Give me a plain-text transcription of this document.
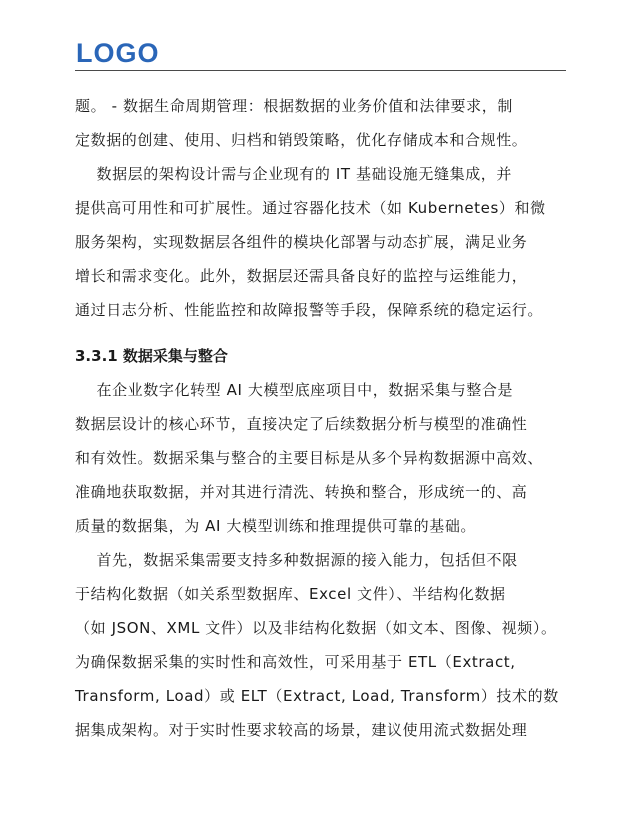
LOGO
题。 - 数据生命周期管理：根据数据的业务价值和法律要求，制
定数据的创建、使用、归档和销毁策略，优化存储成本和合规性。
数据层的架构设计需与企业现有的 IT 基础设施无缝集成，并
提供高可用性和可扩展性。通过容器化技术（如 Kubernetes）和微
服务架构，实现数据层各组件的模块化部署与动态扩展，满足业务
增长和需求变化。此外，数据层还需具备良好的监控与运维能力，
通过日志分析、性能监控和故障报警等手段，保障系统的稳定运行。
3.3.1 数据采集与整合
在企业数字化转型 AI 大模型底座项目中，数据采集与整合是
数据层设计的核心环节，直接决定了后续数据分析与模型的准确性
和有效性。数据采集与整合的主要目标是从多个异构数据源中高效、
准确地获取数据，并对其进行清洗、转换和整合，形成统一的、高
质量的数据集，为 AI 大模型训练和推理提供可靠的基础。
首先，数据采集需要支持多种数据源的接入能力，包括但不限
于结构化数据（如关系型数据库、Excel 文件）、半结构化数据
（如 JSON、XML 文件）以及非结构化数据（如文本、图像、视频）。
为确保数据采集的实时性和高效性，可采用基于 ETL（Extract,
Transform, Load）或 ELT（Extract, Load, Transform）技术的数
据集成架构。对于实时性要求较高的场景，建议使用流式数据处理
